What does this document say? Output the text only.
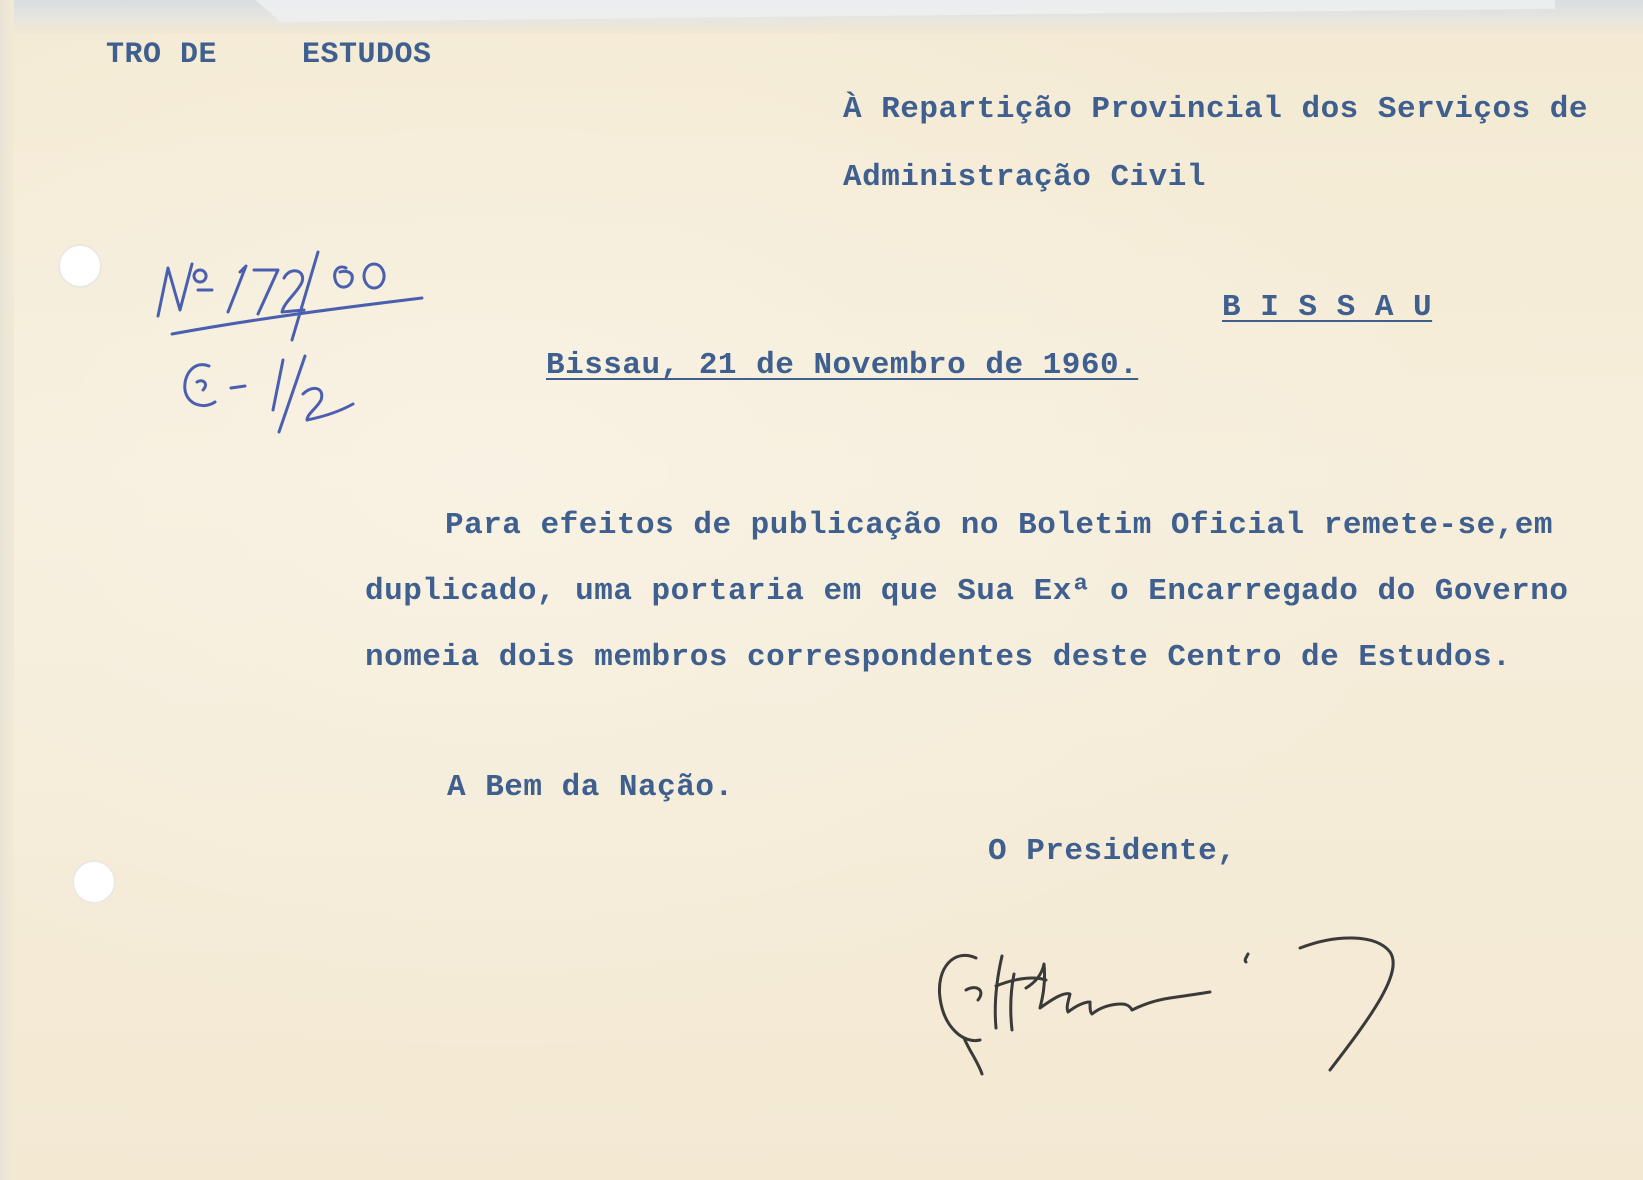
TRO DE	ESTUDOS

À Repartição Provincial dos Serviços de

Administração Civil

B I S S A U

Bissau, 21 de Novembro de 1960.

Para efeitos de publicação no Boletim Oficial remete-se,em

duplicado, uma portaria em que Sua Exª o Encarregado do Governo

nomeia dois membros correspondentes deste Centro de Estudos.

A Bem da Nação.

O Presidente,
